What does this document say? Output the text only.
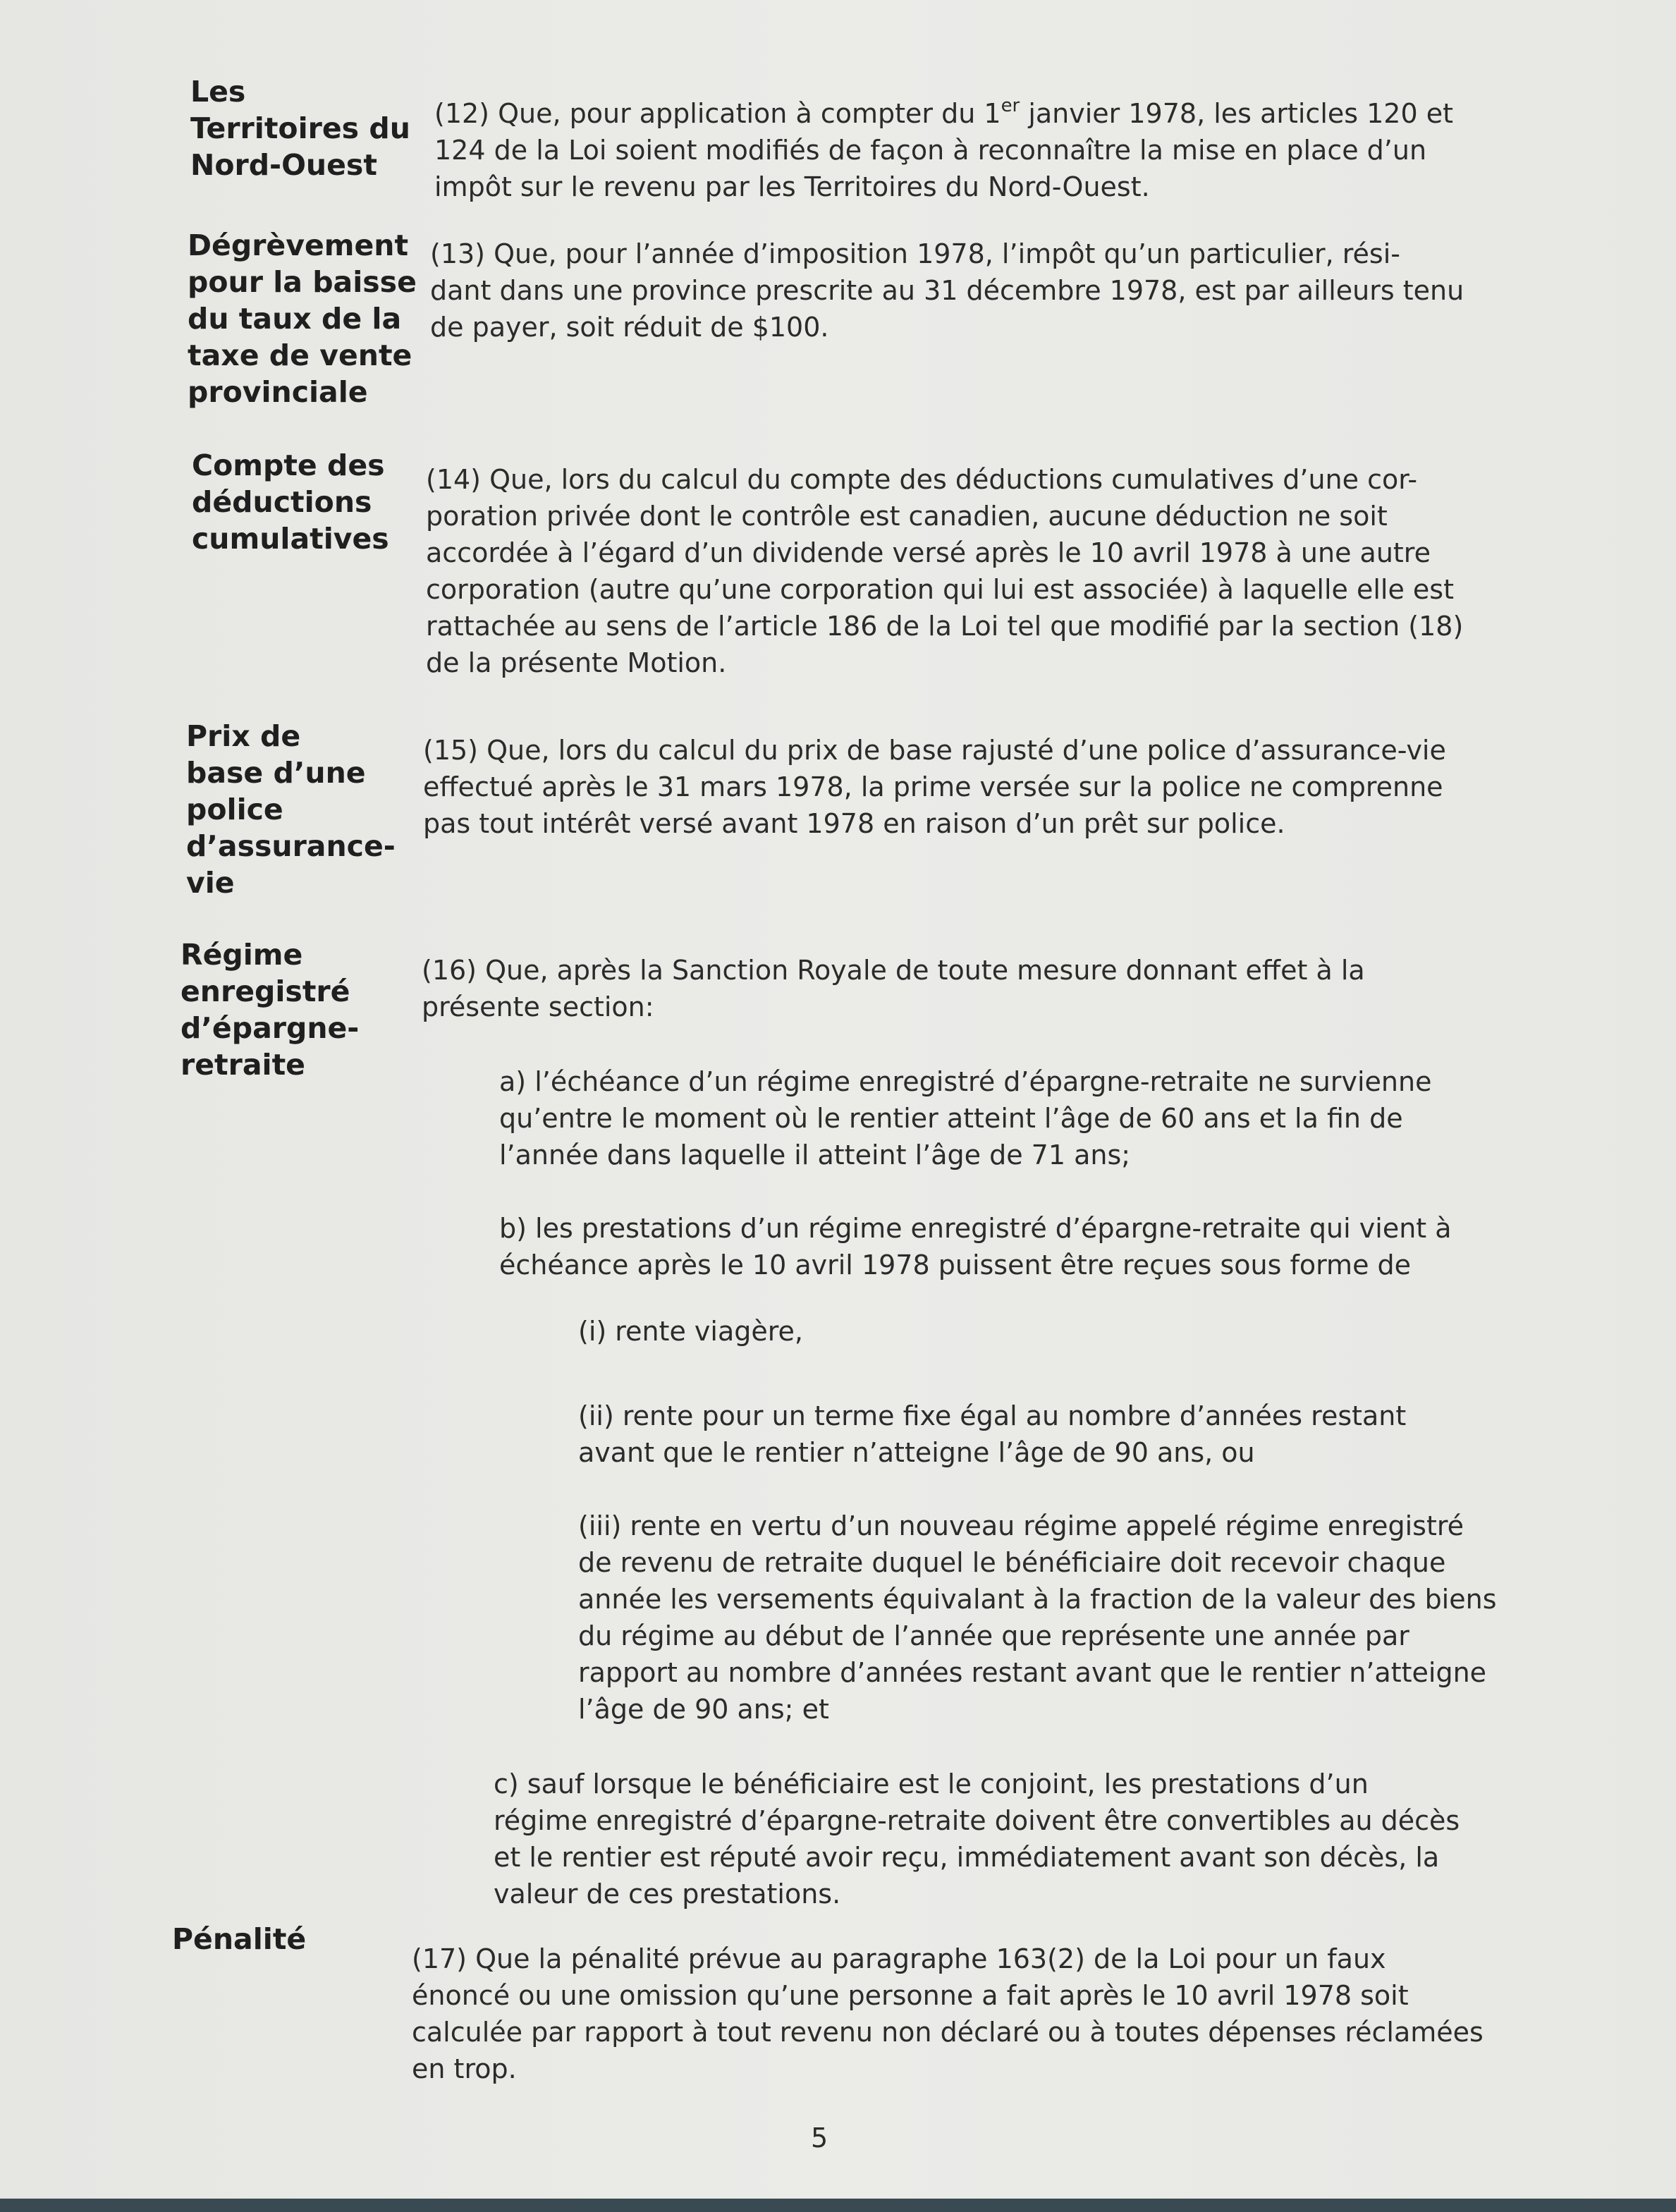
Les
Territoires du
Nord-Ouest
(12) Que, pour application à compter du 1er janvier 1978, les articles 120 et
124 de la Loi soient modifiés de façon à reconnaître la mise en place d’un
impôt sur le revenu par les Territoires du Nord-Ouest.
Dégrèvement
pour la baisse
du taux de la
taxe de vente
provinciale
(13) Que, pour l’année d’imposition 1978, l’impôt qu’un particulier, rési-
dant dans une province prescrite au 31 décembre 1978, est par ailleurs tenu
de payer, soit réduit de $100.
Compte des
déductions
cumulatives
(14) Que, lors du calcul du compte des déductions cumulatives d’une cor-
poration privée dont le contrôle est canadien, aucune déduction ne soit
accordée à l’égard d’un dividende versé après le 10 avril 1978 à une autre
corporation (autre qu’une corporation qui lui est associée) à laquelle elle est
rattachée au sens de l’article 186 de la Loi tel que modifié par la section (18)
de la présente Motion.
Prix de
base d’une
police
d’assurance-
vie
(15) Que, lors du calcul du prix de base rajusté d’une police d’assurance-vie
effectué après le 31 mars 1978, la prime versée sur la police ne comprenne
pas tout intérêt versé avant 1978 en raison d’un prêt sur police.
Régime
enregistré
d’épargne-
retraite
(16) Que, après la Sanction Royale de toute mesure donnant effet à la
présente section:
a) l’échéance d’un régime enregistré d’épargne-retraite ne survienne
qu’entre le moment où le rentier atteint l’âge de 60 ans et la fin de
l’année dans laquelle il atteint l’âge de 71 ans;
b) les prestations d’un régime enregistré d’épargne-retraite qui vient à
échéance après le 10 avril 1978 puissent être reçues sous forme de
(i) rente viagère,
(ii) rente pour un terme fixe égal au nombre d’années restant
avant que le rentier n’atteigne l’âge de 90 ans, ou
(iii) rente en vertu d’un nouveau régime appelé régime enregistré
de revenu de retraite duquel le bénéficiaire doit recevoir chaque
année les versements équivalant à la fraction de la valeur des biens
du régime au début de l’année que représente une année par
rapport au nombre d’années restant avant que le rentier n’atteigne
l’âge de 90 ans; et
c) sauf lorsque le bénéficiaire est le conjoint, les prestations d’un
régime enregistré d’épargne-retraite doivent être convertibles au décès
et le rentier est réputé avoir reçu, immédiatement avant son décès, la
valeur de ces prestations.
Pénalité
(17) Que la pénalité prévue au paragraphe 163(2) de la Loi pour un faux
énoncé ou une omission qu’une personne a fait après le 10 avril 1978 soit
calculée par rapport à tout revenu non déclaré ou à toutes dépenses réclamées
en trop.
5
